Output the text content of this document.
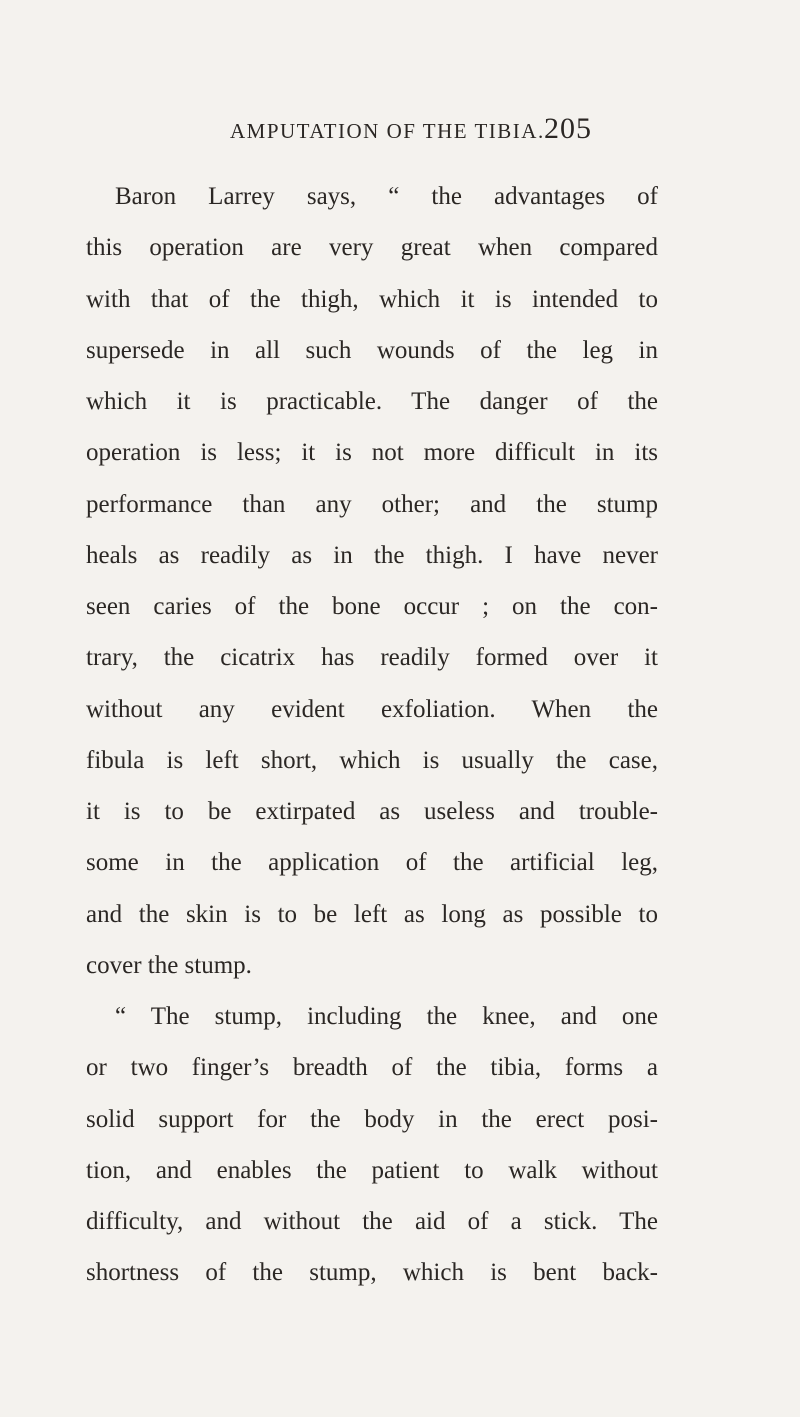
AMPUTATION OF THE TIBIA. 205
Baron Larrey says, “ the advantages of
this operation are very great when compared
with that of the thigh, which it is intended to
supersede in all such wounds of the leg in
which it is practicable. The danger of the
operation is less; it is not more difficult in its
performance than any other; and the stump
heals as readily as in the thigh. I have never
seen caries of the bone occur ; on the con-
trary, the cicatrix has readily formed over it
without any evident exfoliation. When the
fibula is left short, which is usually the case,
it is to be extirpated as useless and trouble-
some in the application of the artificial leg,
and the skin is to be left as long as possible to
cover the stump.
“ The stump, including the knee, and one
or two finger’s breadth of the tibia, forms a
solid support for the body in the erect posi-
tion, and enables the patient to walk without
difficulty, and without the aid of a stick. The
shortness of the stump, which is bent back-
